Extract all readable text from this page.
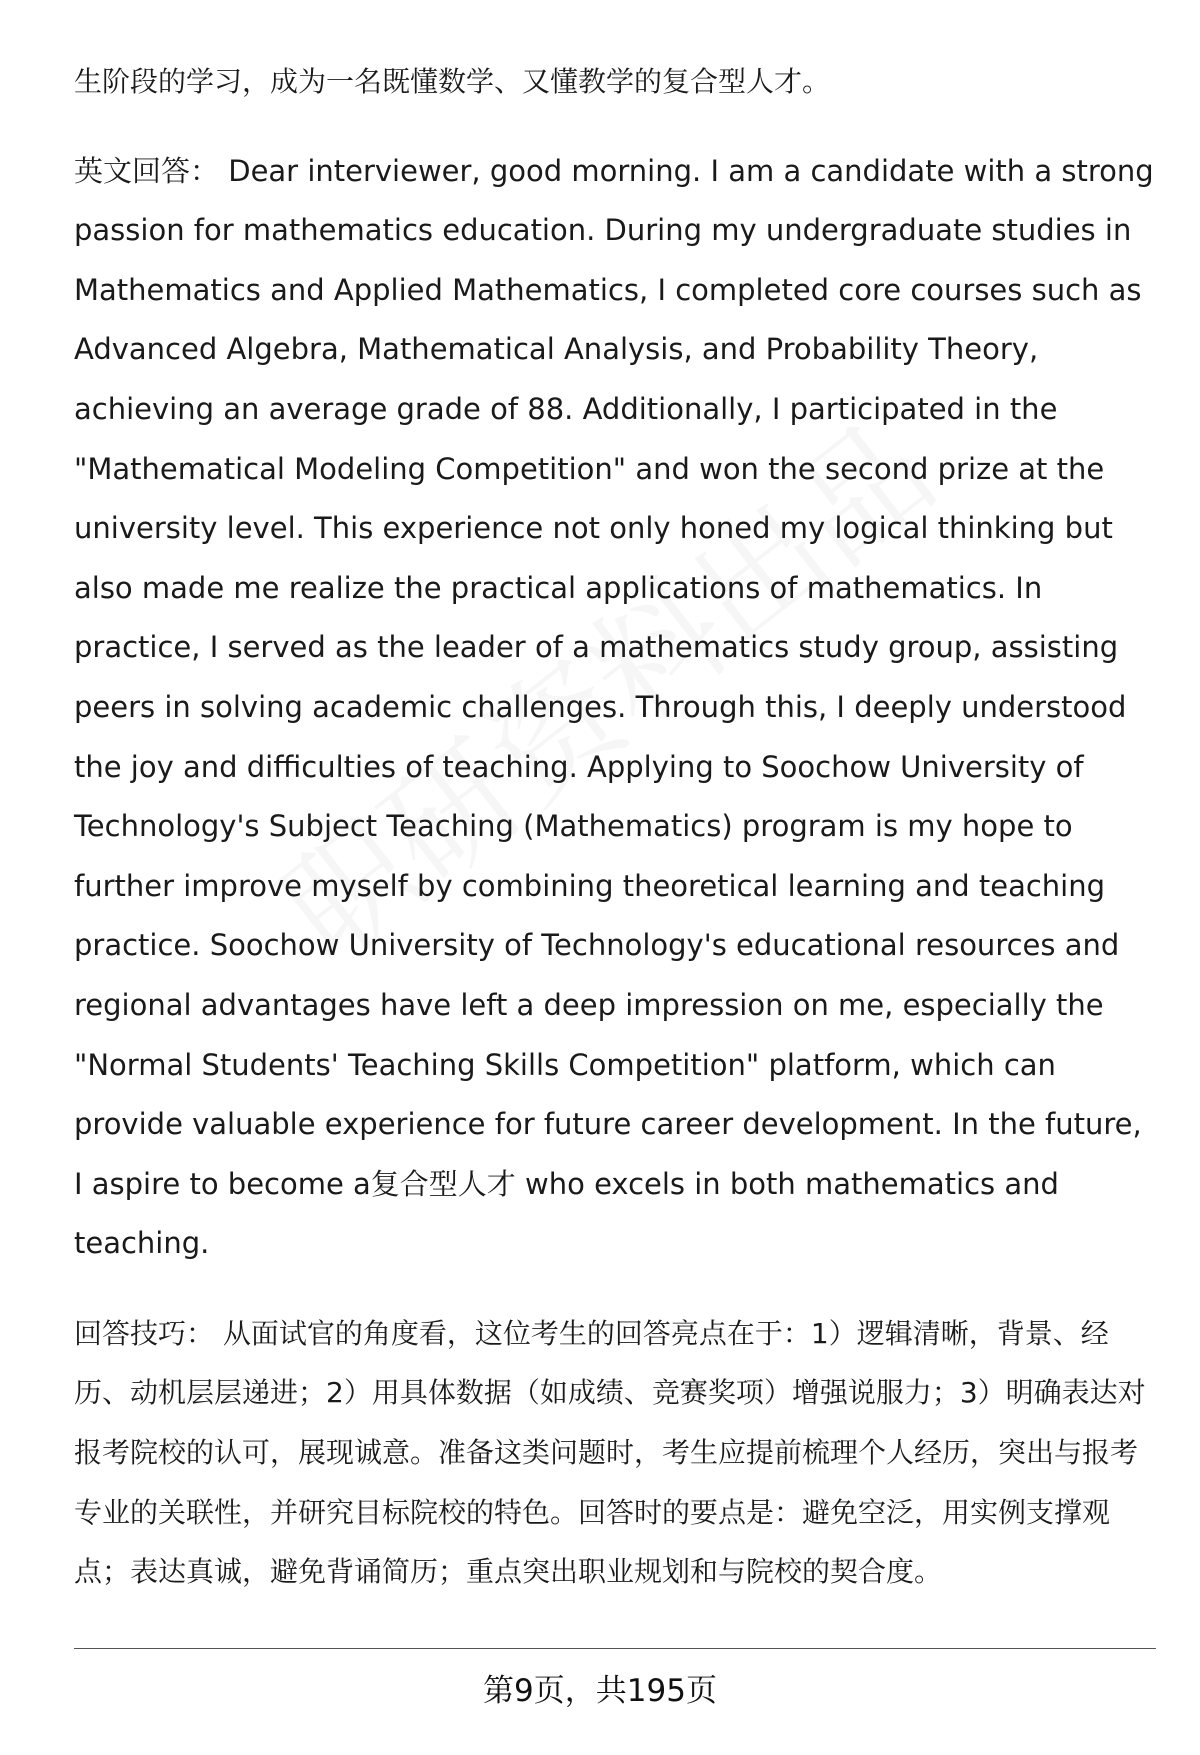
生阶段的学习，成为一名既懂数学、又懂教学的复合型人才。

英文回答： Dear interviewer, good morning. I am a candidate with a strong passion for mathematics education. During my undergraduate studies in Mathematics and Applied Mathematics, I completed core courses such as Advanced Algebra, Mathematical Analysis, and Probability Theory, achieving an average grade of 88. Additionally, I participated in the "Mathematical Modeling Competition" and won the second prize at the university level. This experience not only honed my logical thinking but also made me realize the practical applications of mathematics. In practice, I served as the leader of a mathematics study group, assisting peers in solving academic challenges. Through this, I deeply understood the joy and difficulties of teaching. Applying to Soochow University of Technology's Subject Teaching (Mathematics) program is my hope to further improve myself by combining theoretical learning and teaching practice. Soochow University of Technology's educational resources and regional advantages have left a deep impression on me, especially the "Normal Students' Teaching Skills Competition" platform, which can provide valuable experience for future career development. In the future, I aspire to become a复合型人才 who excels in both mathematics and teaching.

回答技巧： 从面试官的角度看，这位考生的回答亮点在于：1）逻辑清晰，背景、经历、动机层层递进；2）用具体数据（如成绩、竞赛奖项）增强说服力；3）明确表达对报考院校的认可，展现诚意。准备这类问题时，考生应提前梳理个人经历，突出与报考专业的关联性，并研究目标院校的特色。回答时的要点是：避免空泛，用实例支撑观点；表达真诚，避免背诵简历；重点突出职业规划和与院校的契合度。

第9页，共195页
